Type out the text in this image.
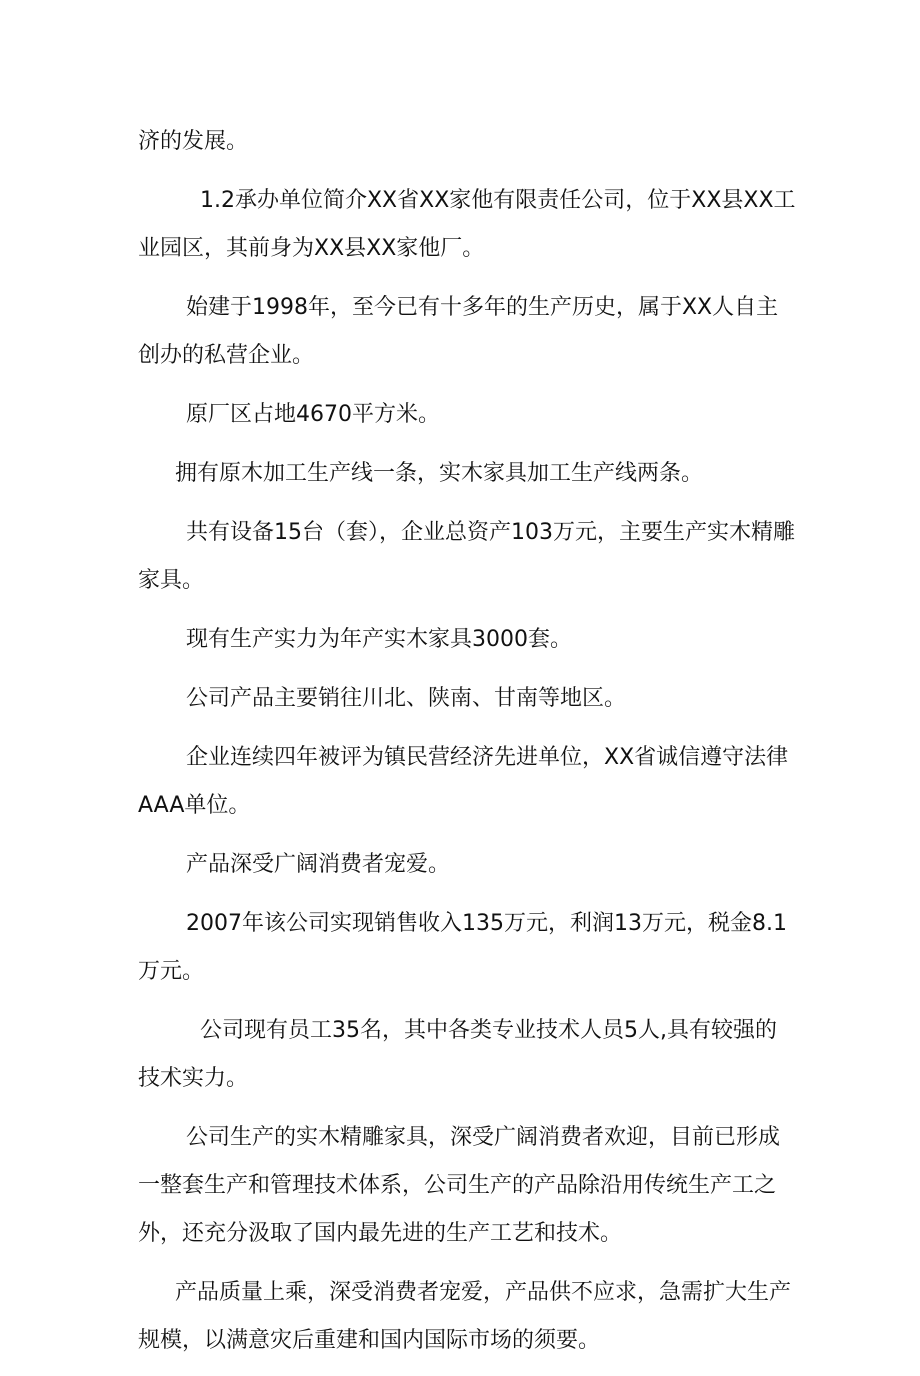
济的发展。

1.2承办单位简介XX省XX家他有限责任公司，位于XX县XX工业园区，其前身为XX县XX家他厂。

始建于1998年，至今已有十多年的生产历史，属于XX人自主创办的私营企业。

原厂区占地4670平方米。

拥有原木加工生产线一条，实木家具加工生产线两条。

共有设备15台（套），企业总资产103万元，主要生产实木精雕家具。

现有生产实力为年产实木家具3000套。

公司产品主要销往川北、陕南、甘南等地区。

企业连续四年被评为镇民营经济先进单位，XX省诚信遵守法律AAA单位。

产品深受广阔消费者宠爱。

2007年该公司实现销售收入135万元，利润13万元，税金8.1万元。

公司现有员工35名，其中各类专业技术人员5人,具有较强的技术实力。

公司生产的实木精雕家具，深受广阔消费者欢迎，目前已形成一整套生产和管理技术体系，公司生产的产品除沿用传统生产工之外，还充分汲取了国内最先进的生产工艺和技术。

产品质量上乘，深受消费者宠爱，产品供不应求，急需扩大生产规模，以满意灾后重建和国内国际市场的须要。
